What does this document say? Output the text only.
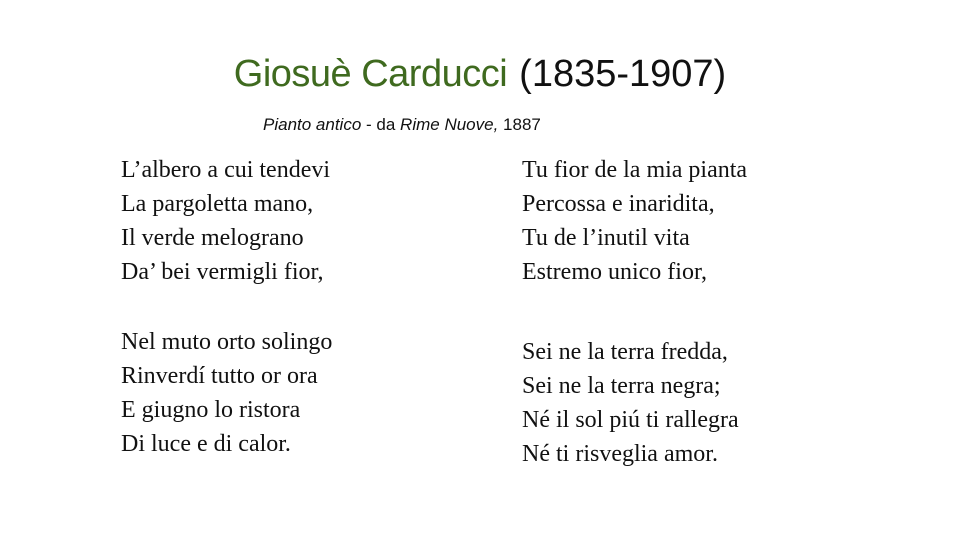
Giosuè Carducci (1835-1907)
Pianto antico - da Rime Nuove, 1887
L’albero a cui tendevi
La pargoletta mano,
Il verde melograno
Da’ bei vermigli fior,
Tu fior de la mia pianta
Percossa e inaridita,
Tu de l’inutil vita
Estremo unico fior,
Nel muto orto solingo
Rinverdí tutto or ora
E giugno lo ristora
Di luce e di calor.
Sei ne la terra fredda,
Sei ne la terra negra;
Né il sol piú ti rallegra
Né ti risveglia amor.
